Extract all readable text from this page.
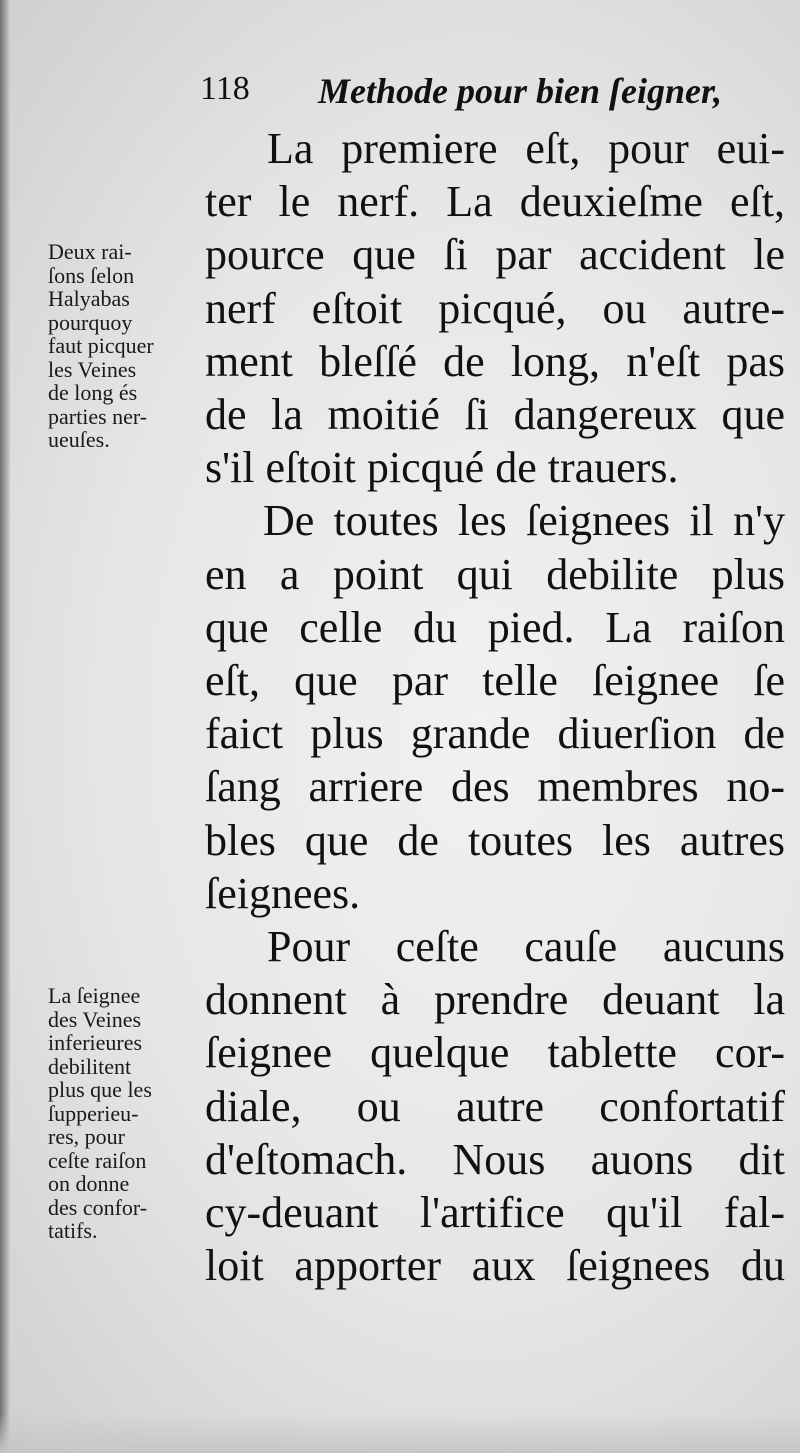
118 Methode pour bien ſeigner,
La premiere eſt, pour eui-
ter le nerf. La deuxieſme eſt,
pource que ſi par accident le
nerf eſtoit picqué, ou autre-
ment bleſſé de long, n'eſt pas
de la moitié ſi dangereux que
s'il eſtoit picqué de trauers.
De toutes les ſeignees il n'y
en a point qui debilite plus
que celle du pied. La raiſon
eſt, que par telle ſeignee ſe
faict plus grande diuerſion de
ſang arriere des membres no-
bles que de toutes les autres
ſeignees.
Pour ceſte cauſe aucuns
donnent à prendre deuant la
ſeignee quelque tablette cor-
diale, ou autre confortatif
d'eſtomach. Nous auons dit
cy-deuant l'artifice qu'il fal-
loit apporter aux ſeignees du
Deux rai-
ſons ſelon
Halyabas
pourquoy
faut picquer
les Veines
de long és
parties ner-
ueuſes.
La ſeignee
des Veines
inferieures
debilitent
plus que les
ſupperieu-
res, pour
ceſte raiſon
on donne
des confor-
tatifs.
